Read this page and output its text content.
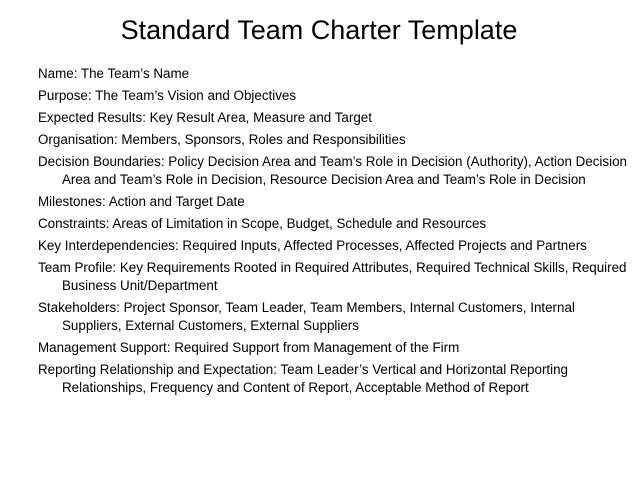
Standard Team Charter Template
Name: The Team’s Name
Purpose: The Team’s Vision and Objectives
Expected Results: Key Result Area, Measure and Target
Organisation: Members, Sponsors, Roles and Responsibilities
Decision Boundaries: Policy Decision Area and Team’s Role in Decision (Authority), Action Decision Area and Team’s Role in Decision, Resource Decision Area and Team’s Role in Decision
Milestones: Action and Target Date
Constraints: Areas of Limitation in Scope, Budget, Schedule and Resources
Key Interdependencies: Required Inputs, Affected Processes, Affected Projects and Partners
Team Profile: Key Requirements Rooted in Required Attributes, Required Technical Skills, Required Business Unit/Department
Stakeholders: Project Sponsor, Team Leader, Team Members, Internal Customers, Internal Suppliers, External Customers, External Suppliers
Management Support: Required Support from Management of the Firm
Reporting Relationship and Expectation: Team Leader’s Vertical and Horizontal Reporting Relationships, Frequency and Content of Report, Acceptable Method of Report
